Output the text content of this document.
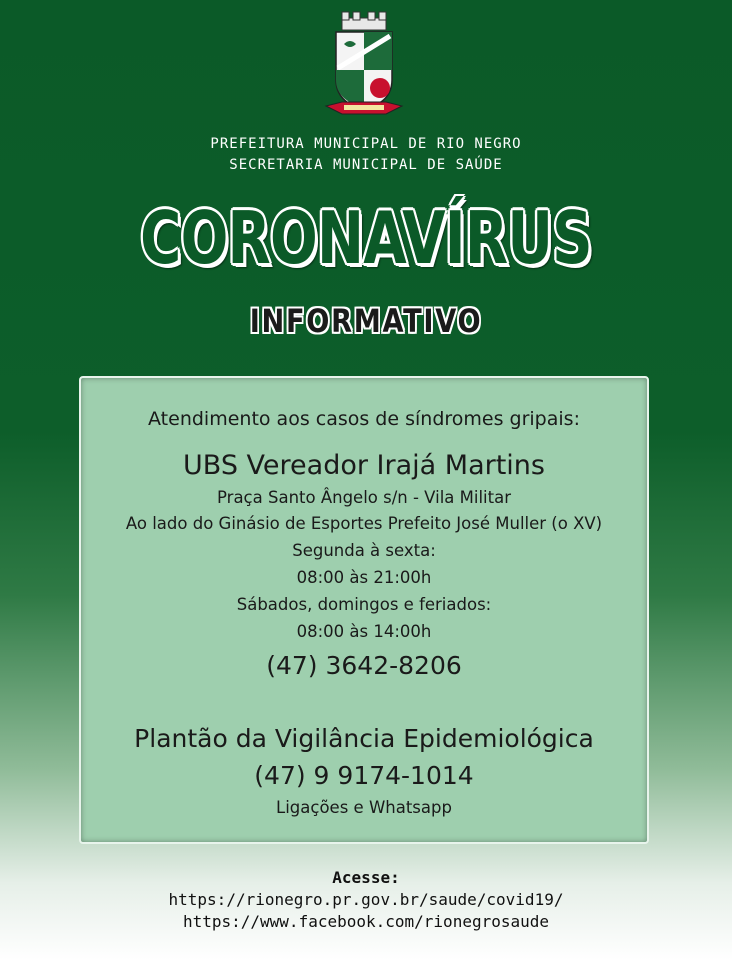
PREFEITURA MUNICIPAL DE RIO NEGRO
SECRETARIA MUNICIPAL DE SAÚDE
CORONAVÍRUS
INFORMATIVO
Atendimento aos casos de síndromes gripais:
UBS Vereador Irajá Martins
Praça Santo Ângelo s/n - Vila Militar
Ao lado do Ginásio de Esportes Prefeito José Muller (o XV)
Segunda à sexta:
08:00 às 21:00h
Sábados, domingos e feriados:
08:00 às 14:00h
(47) 3642-8206
Plantão da Vigilância Epidemiológica
(47) 9 9174-1014
Ligações e Whatsapp
Acesse:
https://rionegro.pr.gov.br/saude/covid19/
https://www.facebook.com/rionegrosaude
